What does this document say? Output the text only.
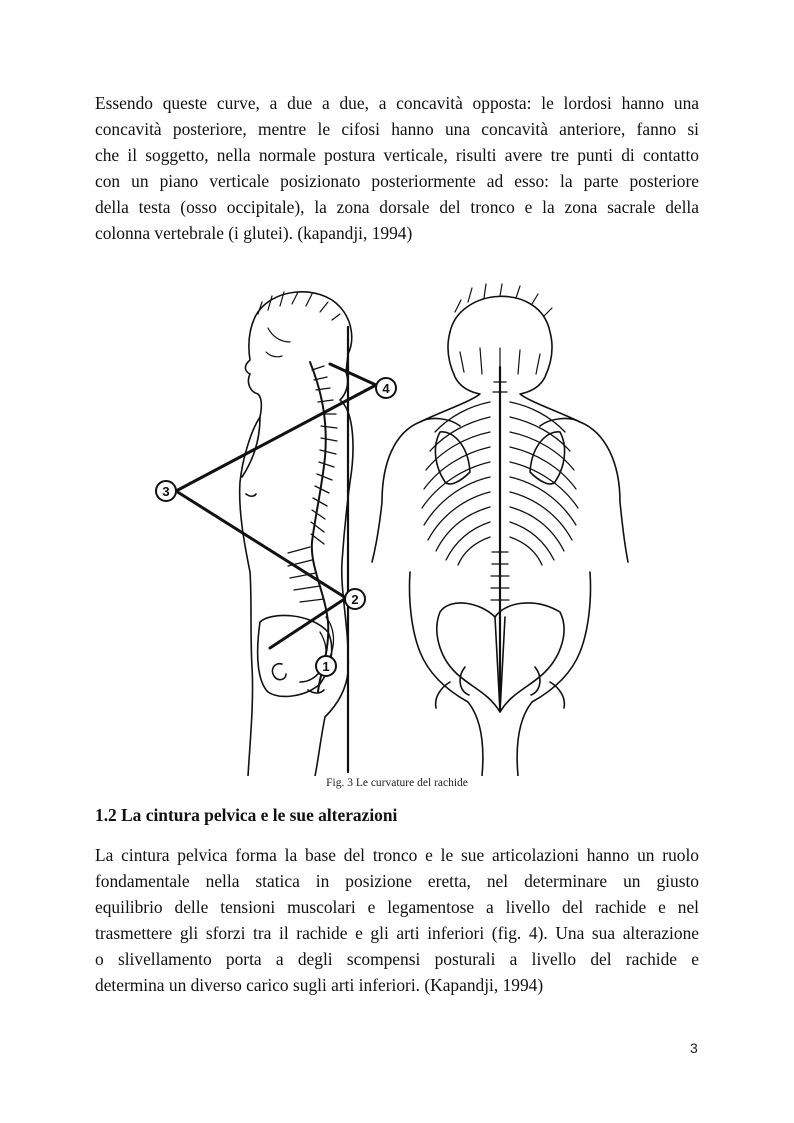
Essendo queste curve, a due a due, a concavità opposta: le lordosi hanno una
concavità posteriore, mentre le cifosi hanno una concavità anteriore, fanno si
che il soggetto, nella normale postura verticale, risulti avere tre punti di contatto
con un piano verticale posizionato posteriormente ad esso: la parte posteriore
della testa (osso occipitale), la zona dorsale del tronco e la zona sacrale della
colonna vertebrale (i glutei). (kapandji, 1994)
4
3
2
1
Fig. 3 Le curvature del rachide
1.2 La cintura pelvica e le sue alterazioni
La cintura pelvica forma la base del tronco e le sue articolazioni hanno un ruolo
fondamentale nella statica in posizione eretta, nel determinare un giusto
equilibrio delle tensioni muscolari e legamentose a livello del rachide e nel
trasmettere gli sforzi tra il rachide e gli arti inferiori (fig. 4). Una sua alterazione
o slivellamento porta a degli scompensi posturali a livello del rachide e
determina un diverso carico sugli arti inferiori. (Kapandji, 1994)
3
